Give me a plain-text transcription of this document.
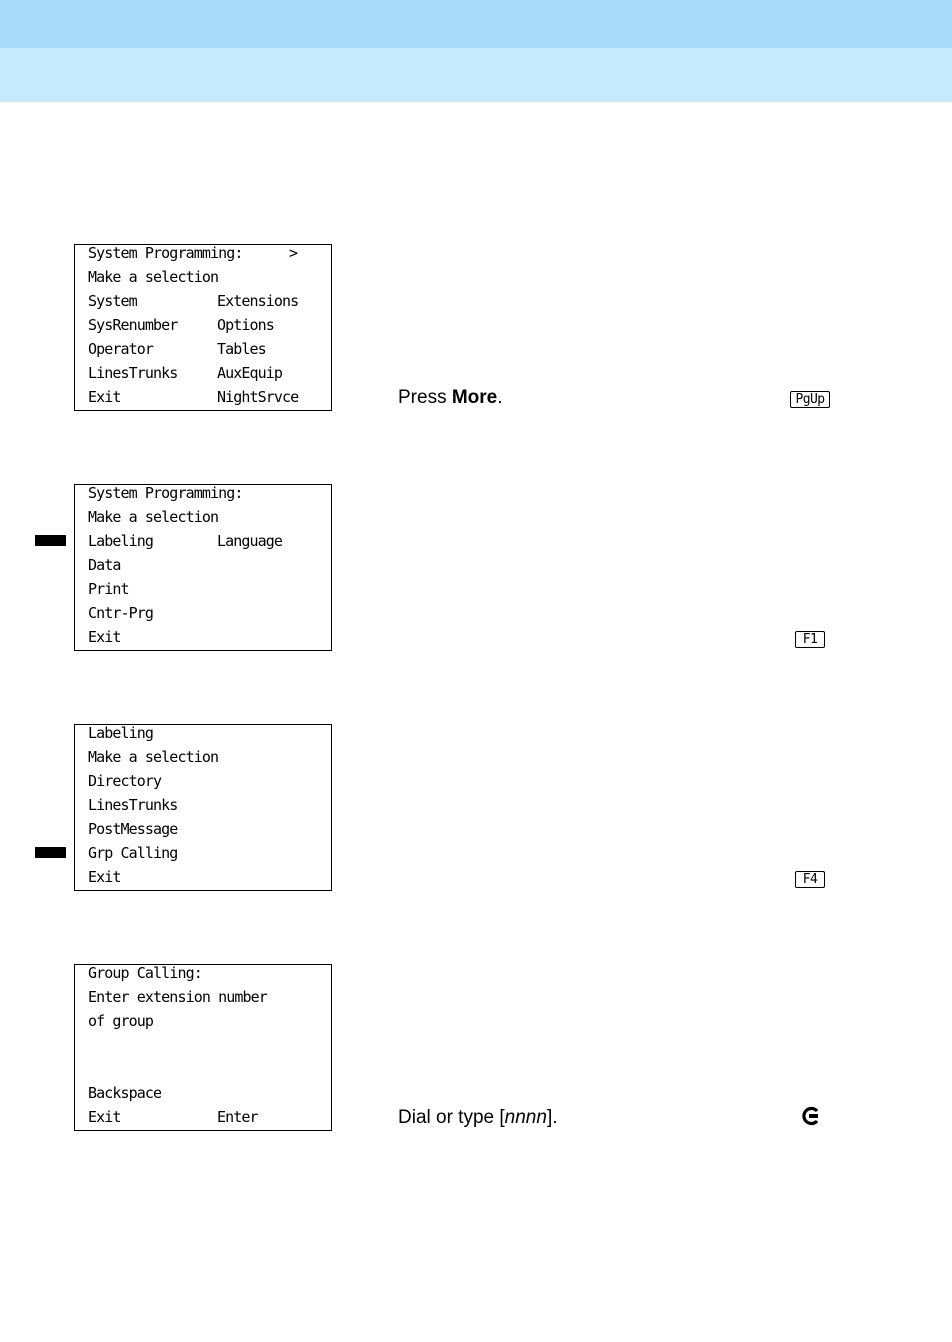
System Programming:	>
Make a selection
System	Extensions
SysRenumber	Options
Operator	Tables
LinesTrunks	AuxEquip
Exit	NightSrvce
System Programming:
Make a selection
Labeling	Language
Data
Print
Cntr-Prg
Exit
Labeling
Make a selection
Directory
LinesTrunks
PostMessage
Grp Calling
Exit
Group Calling:
Enter extension number
of group
Backspace
Exit	Enter
Press More.
Dial or type [nnnn].
PgUp
F1
F4
